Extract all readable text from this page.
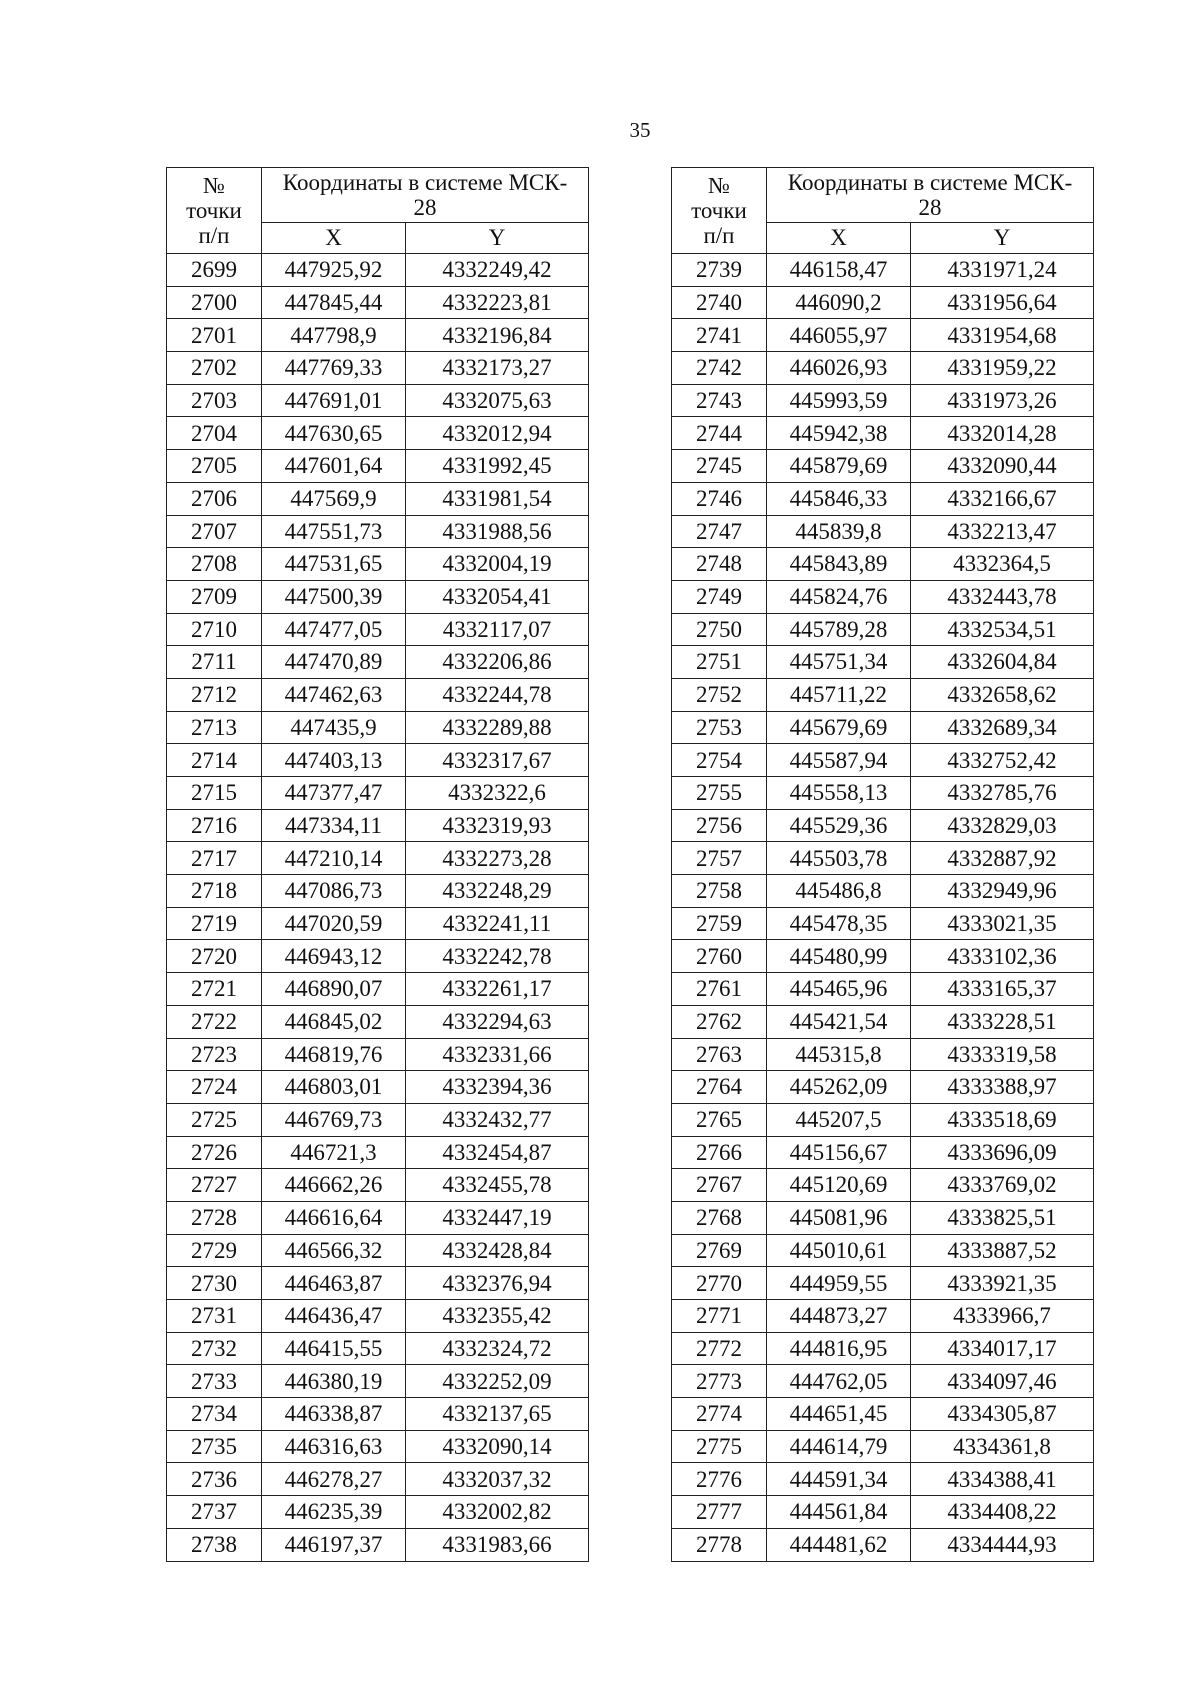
35
№
точки
п/п	Координаты в системе МСК-
28	

	X	Y
2699	447925,92	4332249,42
2700	447845,44	4332223,81
2701	447798,9	4332196,84
2702	447769,33	4332173,27
2703	447691,01	4332075,63
2704	447630,65	4332012,94
2705	447601,64	4331992,45
2706	447569,9	4331981,54
2707	447551,73	4331988,56
2708	447531,65	4332004,19
2709	447500,39	4332054,41
2710	447477,05	4332117,07
2711	447470,89	4332206,86
2712	447462,63	4332244,78
2713	447435,9	4332289,88
2714	447403,13	4332317,67
2715	447377,47	4332322,6
2716	447334,11	4332319,93
2717	447210,14	4332273,28
2718	447086,73	4332248,29
2719	447020,59	4332241,11
2720	446943,12	4332242,78
2721	446890,07	4332261,17
2722	446845,02	4332294,63
2723	446819,76	4332331,66
2724	446803,01	4332394,36
2725	446769,73	4332432,77
2726	446721,3	4332454,87
2727	446662,26	4332455,78
2728	446616,64	4332447,19
2729	446566,32	4332428,84
2730	446463,87	4332376,94
2731	446436,47	4332355,42
2732	446415,55	4332324,72
2733	446380,19	4332252,09
2734	446338,87	4332137,65
2735	446316,63	4332090,14
2736	446278,27	4332037,32
2737	446235,39	4332002,82
2738	446197,37	4331983,66
№
точки
п/п	Координаты в системе МСК-
28	

	X	Y
2739	446158,47	4331971,24
2740	446090,2	4331956,64
2741	446055,97	4331954,68
2742	446026,93	4331959,22
2743	445993,59	4331973,26
2744	445942,38	4332014,28
2745	445879,69	4332090,44
2746	445846,33	4332166,67
2747	445839,8	4332213,47
2748	445843,89	4332364,5
2749	445824,76	4332443,78
2750	445789,28	4332534,51
2751	445751,34	4332604,84
2752	445711,22	4332658,62
2753	445679,69	4332689,34
2754	445587,94	4332752,42
2755	445558,13	4332785,76
2756	445529,36	4332829,03
2757	445503,78	4332887,92
2758	445486,8	4332949,96
2759	445478,35	4333021,35
2760	445480,99	4333102,36
2761	445465,96	4333165,37
2762	445421,54	4333228,51
2763	445315,8	4333319,58
2764	445262,09	4333388,97
2765	445207,5	4333518,69
2766	445156,67	4333696,09
2767	445120,69	4333769,02
2768	445081,96	4333825,51
2769	445010,61	4333887,52
2770	444959,55	4333921,35
2771	444873,27	4333966,7
2772	444816,95	4334017,17
2773	444762,05	4334097,46
2774	444651,45	4334305,87
2775	444614,79	4334361,8
2776	444591,34	4334388,41
2777	444561,84	4334408,22
2778	444481,62	4334444,93
